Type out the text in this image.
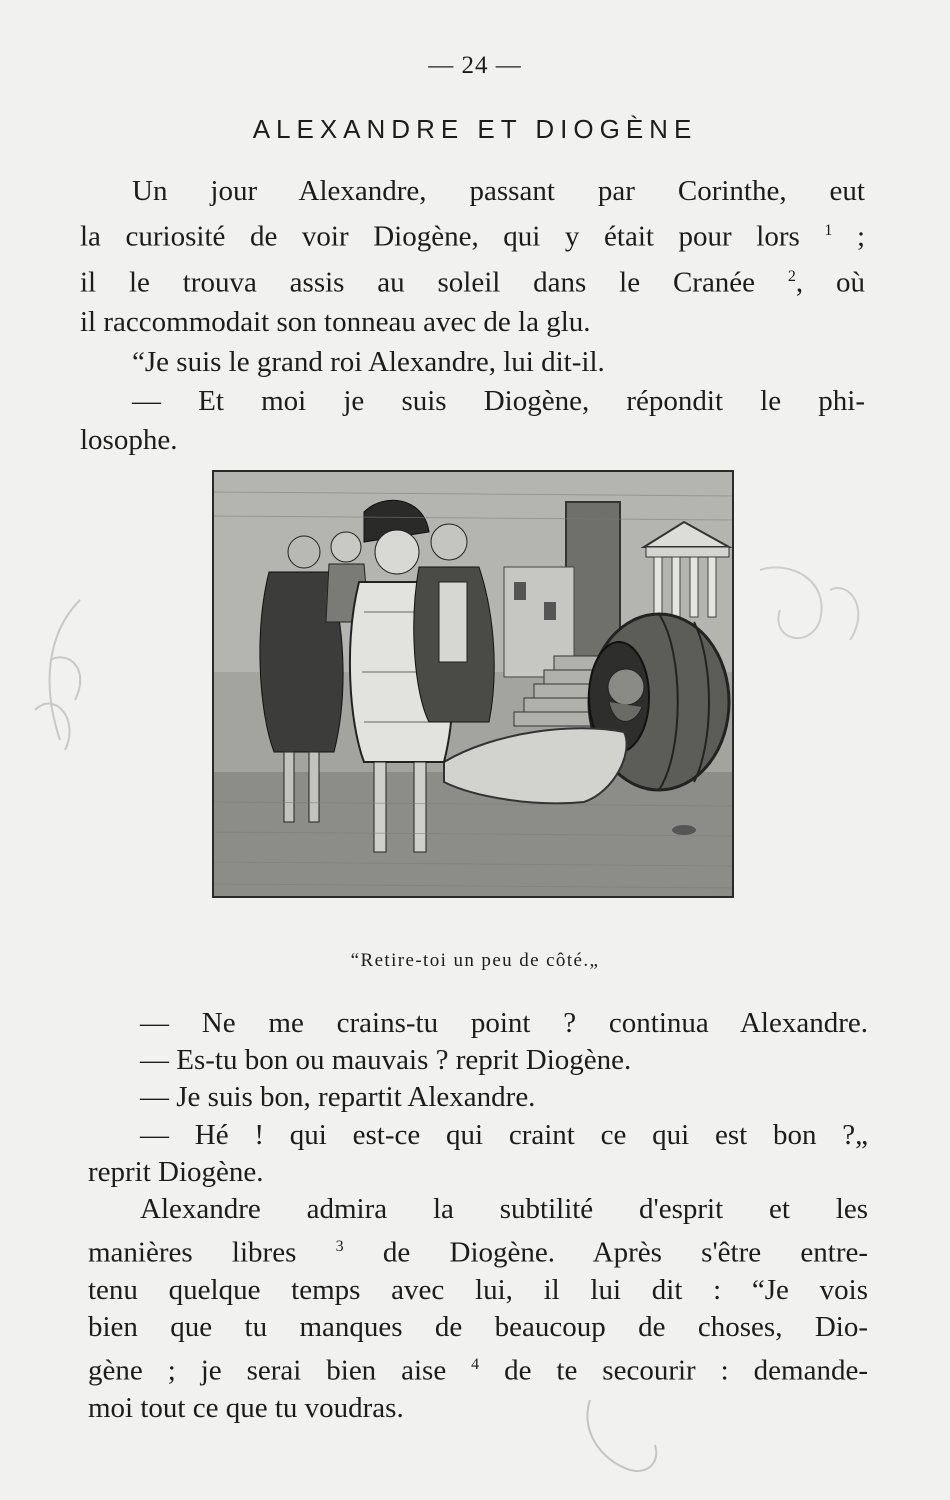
— 24 —
ALEXANDRE ET DIOGÈNE
Un jour Alexandre, passant par Corinthe, eut
la curiosité de voir Diogène, qui y était pour lors $^1$ ;
il le trouva assis au soleil dans le Cranée $^2$, où
il raccommodait son tonneau avec de la glu.
“Je suis le grand roi Alexandre, lui dit-il.
— Et moi je suis Diogène, répondit le phi-
losophe.
“Retire-toi un peu de côté.„
— Ne me crains-tu point ? continua Alexandre.
— Es-tu bon ou mauvais ? reprit Diogène.
— Je suis bon, repartit Alexandre.
— Hé ! qui est-ce qui craint ce qui est bon ?„
reprit Diogène.
Alexandre admira la subtilité d'esprit et les
manières libres $^3$ de Diogène. Après s'être entre-
tenu quelque temps avec lui, il lui dit : “Je vois
bien que tu manques de beaucoup de choses, Dio-
gène ; je serai bien aise $^4$ de te secourir : demande-
moi tout ce que tu voudras.
